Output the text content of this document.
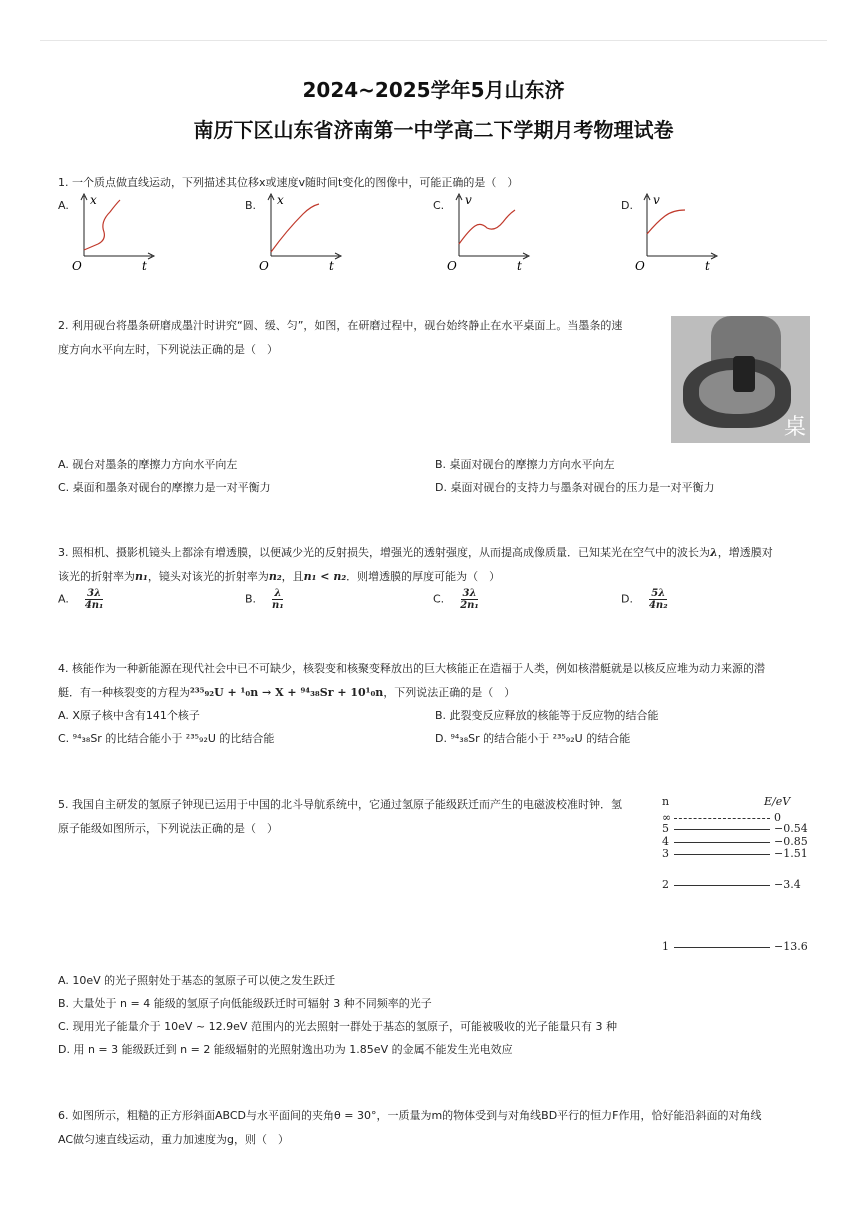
2024~2025学年5月山东济
南历下区山东省济南第一中学高二下学期月考物理试卷
1. 一个质点做直线运动，下列描述其位移x或速度v随时间t变化的图像中，可能正确的是（　）
A. x
t
O
B. x
t
O
C. v
t
O
D. v
t
O
2. 利用砚台将墨条研磨成墨汁时讲究“圆、缓、匀”，如图，在研磨过程中，砚台始终静止在水平桌面上。当墨条的速
度方向水平向左时，下列说法正确的是（　）
桌
A. 砚台对墨条的摩擦力方向水平向左	B. 桌面对砚台的摩擦力方向水平向左
C. 桌面和墨条对砚台的摩擦力是一对平衡力	D. 桌面对砚台的支持力与墨条对砚台的压力是一对平衡力
3. 照相机、摄影机镜头上都涂有增透膜，以便减少光的反射损失，增强光的透射强度，从而提高成像质量．已知某光在空气中的波长为λ，增透膜对
该光的折射率为n₁，镜头对该光的折射率为n₂，且n₁ < n₂．则增透膜的厚度可能为（　）
A. $\frac{3\lambda}{\text{4n₁}}$	B. $\frac{\lambda}{\text{n₁}}$	C. $\frac{3\lambda}{\text{2n₁}}$	D. $\frac{5\lambda}{\text{4n₂}}$
4. 核能作为一种新能源在现代社会中已不可缺少，核裂变和核聚变释放出的巨大核能正在造福于人类，例如核潜艇就是以核反应堆为动力来源的潜
艇．有一种核裂变的方程为²³⁵₉₂U + ¹₀n → X + ⁹⁴₃₈Sr + 10¹₀n，下列说法正确的是（　）
A. X原子核中含有141个核子	B. 此裂变反应释放的核能等于反应物的结合能
C. ⁹⁴₃₈Sr 的比结合能小于 ²³⁵₉₂U 的比结合能	D. ⁹⁴₃₈Sr 的结合能小于 ²³⁵₉₂U 的结合能
5. 我国自主研发的氢原子钟现已运用于中国的北斗导航系统中，它通过氢原子能级跃迁而产生的电磁波校准时钟．氢
原子能级如图所示，下列说法正确的是（　）
n	E/eV
∞	0
5	−0.54
4	−0.85
3	−1.51
2	−3.4
1	−13.6
A. 10eV 的光子照射处于基态的氢原子可以使之发生跃迁
B. 大量处于 n = 4 能级的氢原子向低能级跃迁时可辐射 3 种不同频率的光子
C. 现用光子能量介于 10eV ~ 12.9eV 范围内的光去照射一群处于基态的氢原子，可能被吸收的光子能量只有 3 种
D. 用 n = 3 能级跃迁到 n = 2 能级辐射的光照射逸出功为 1.85eV 的金属不能发生光电效应
6. 如图所示，粗糙的正方形斜面ABCD与水平面间的夹角θ = 30°，一质量为m的物体受到与对角线BD平行的恒力F作用，恰好能沿斜面的对角线
AC做匀速直线运动，重力加速度为g，则（　）
